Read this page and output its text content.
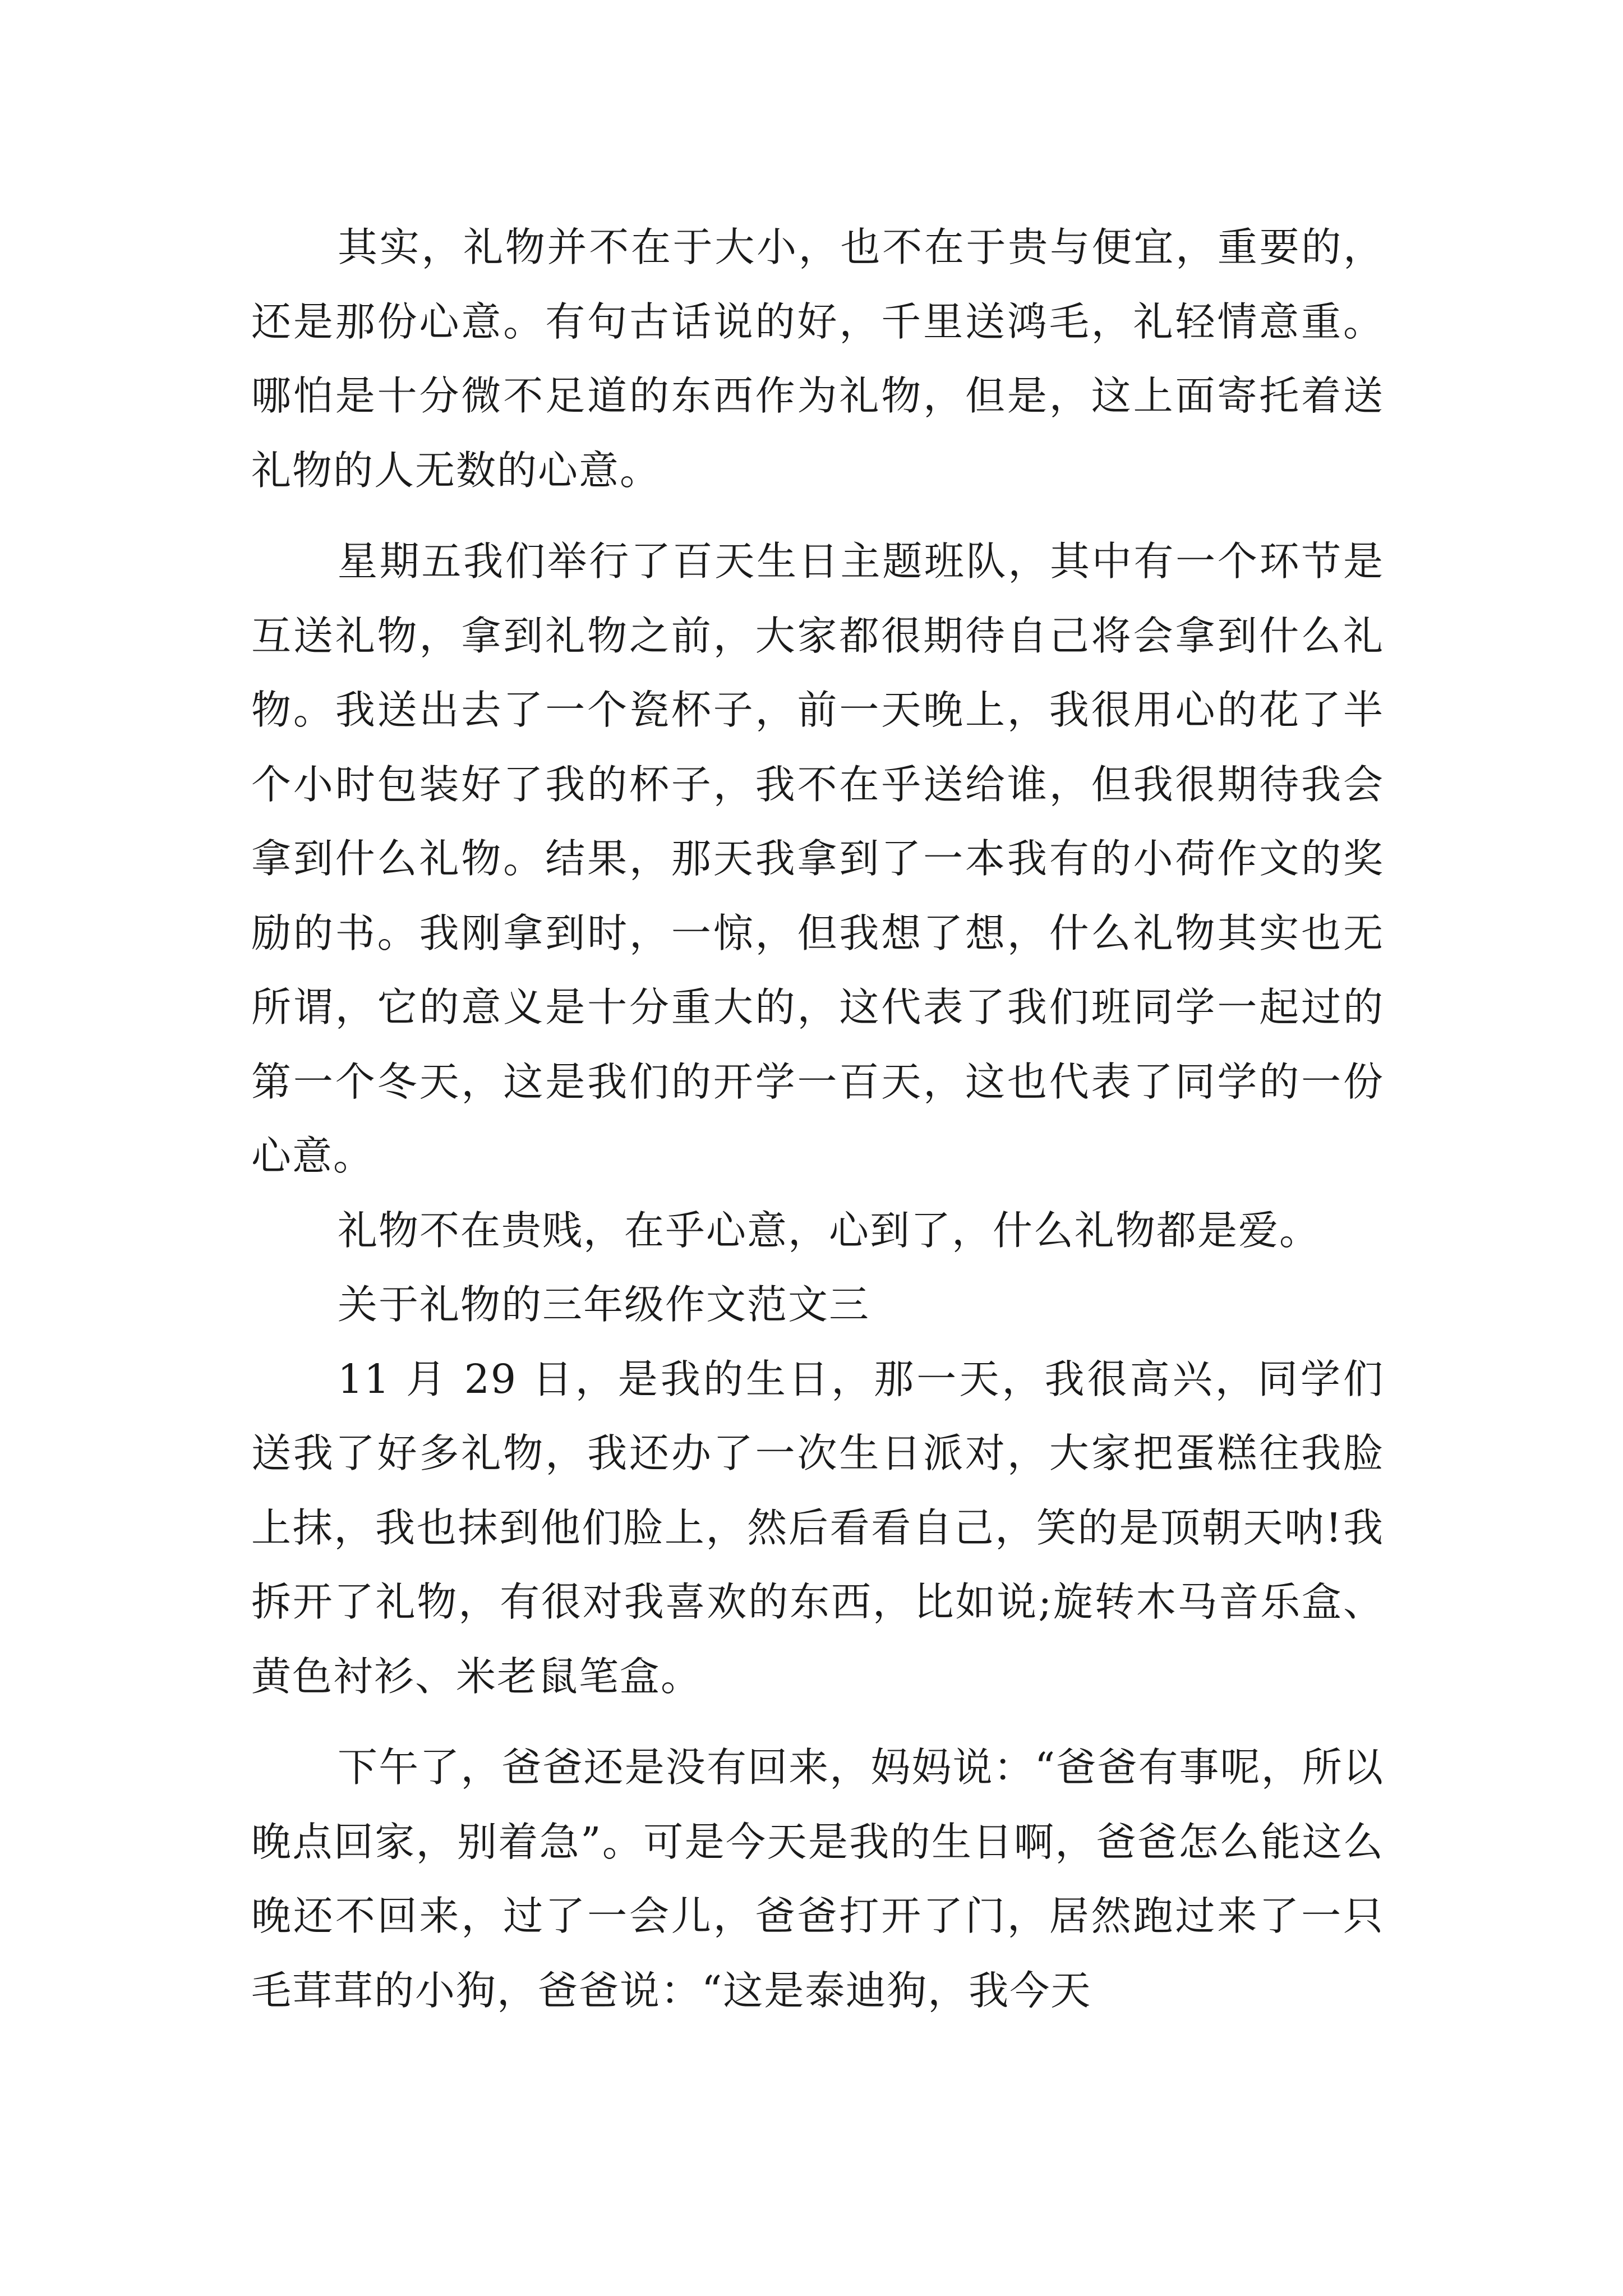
其实，礼物并不在于大小，也不在于贵与便宜，重要的，还是那份心意。有句古话说的好，千里送鸿毛，礼轻情意重。哪怕是十分微不足道的东西作为礼物，但是，这上面寄托着送礼物的人无数的心意。

星期五我们举行了百天生日主题班队，其中有一个环节是互送礼物，拿到礼物之前，大家都很期待自己将会拿到什么礼物。我送出去了一个瓷杯子，前一天晚上，我很用心的花了半个小时包装好了我的杯子，我不在乎送给谁，但我很期待我会拿到什么礼物。结果，那天我拿到了一本我有的小荷作文的奖励的书。我刚拿到时，一惊，但我想了想，什么礼物其实也无所谓，它的意义是十分重大的，这代表了我们班同学一起过的第一个冬天，这是我们的开学一百天，这也代表了同学的一份心意。

礼物不在贵贱，在乎心意，心到了，什么礼物都是爱。

关于礼物的三年级作文范文三

11 月 29 日，是我的生日，那一天，我很高兴，同学们送我了好多礼物，我还办了一次生日派对，大家把蛋糕往我脸上抹，我也抹到他们脸上，然后看看自己，笑的是顶朝天呐!我拆开了礼物，有很对我喜欢的东西，比如说;旋转木马音乐盒、黄色衬衫、米老鼠笔盒。

下午了，爸爸还是没有回来，妈妈说：“爸爸有事呢，所以晚点回家，别着急”。可是今天是我的生日啊，爸爸怎么能这么晚还不回来，过了一会儿，爸爸打开了门，居然跑过来了一只毛茸茸的小狗，爸爸说：“这是泰迪狗，我今天
